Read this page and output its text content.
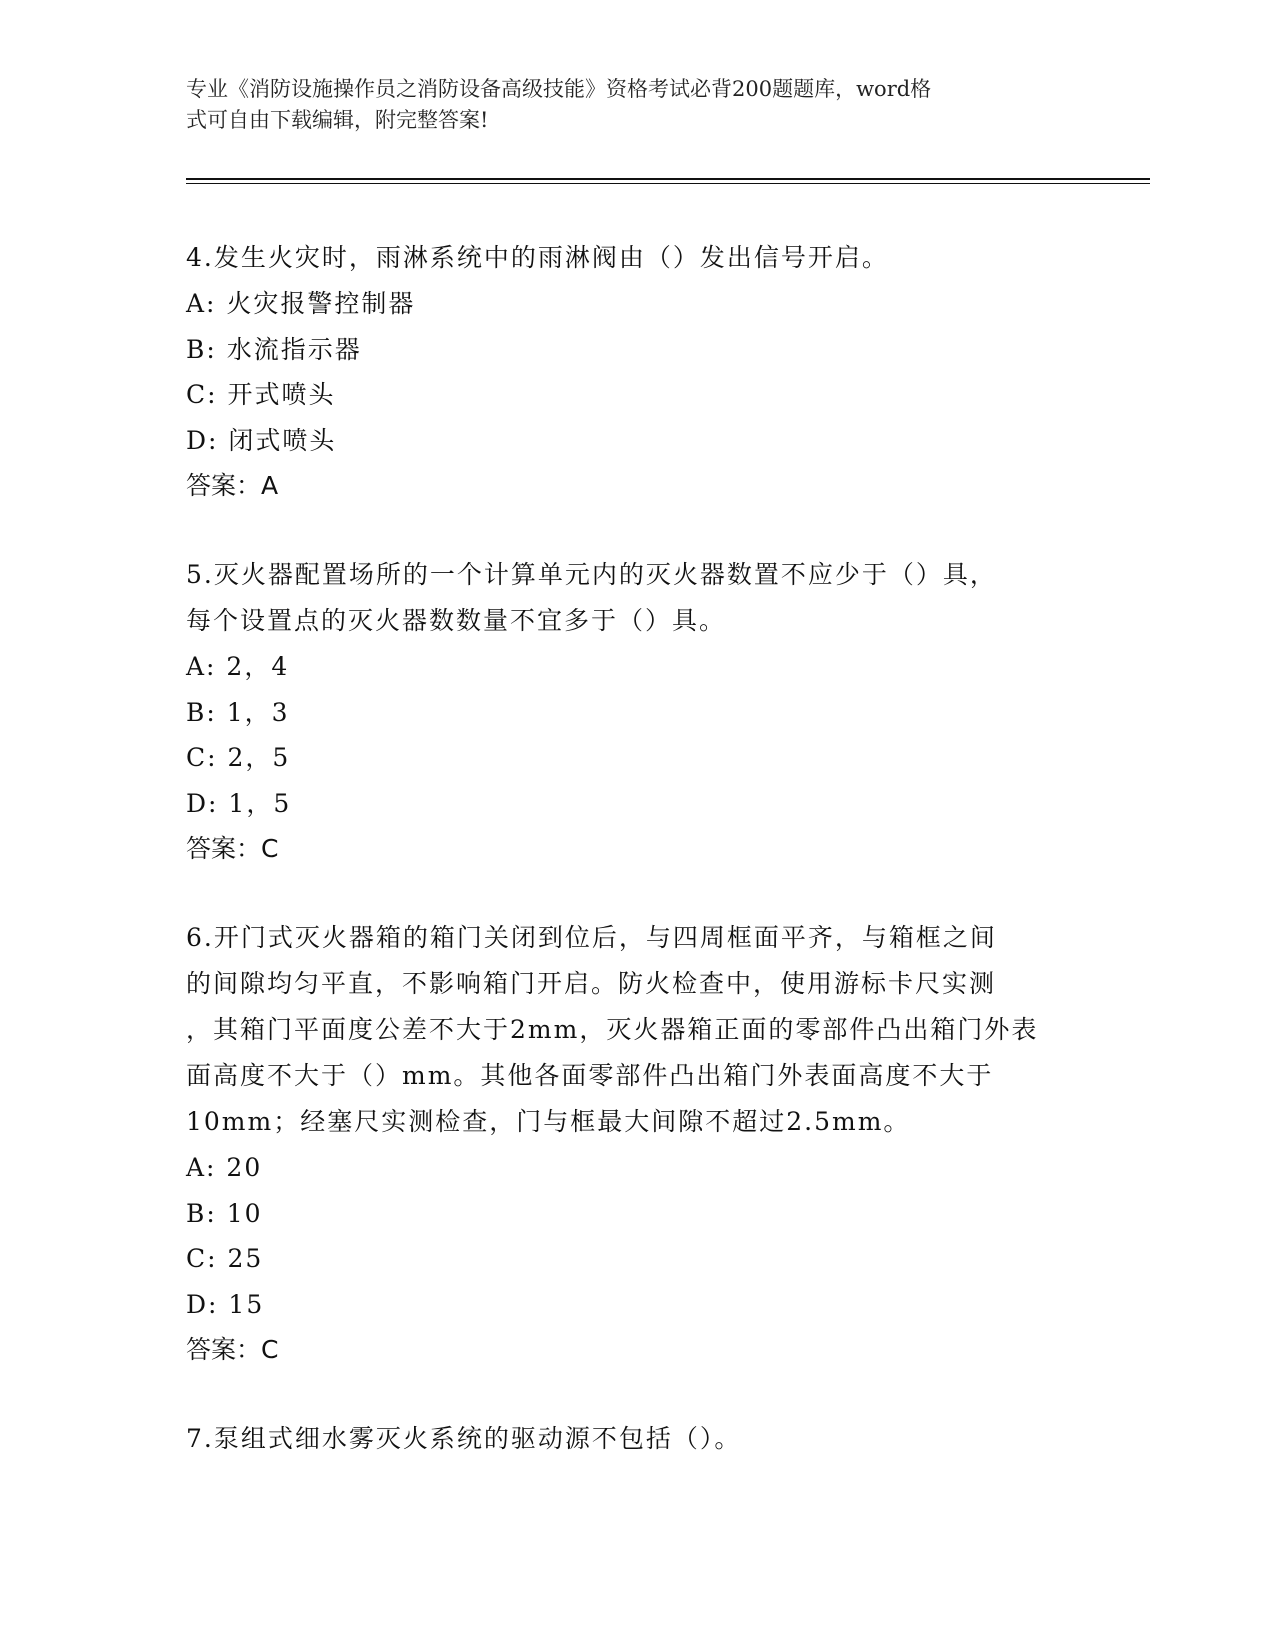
专业《消防设施操作员之消防设备高级技能》资格考试必背200题题库，word格
式可自由下载编辑，附完整答案!
4.发生火灾时，雨淋系统中的雨淋阀由（）发出信号开启。
A: 火灾报警控制器
B: 水流指示器
C: 开式喷头
D: 闭式喷头
答案：A
5.灭火器配置场所的一个计算单元内的灭火器数置不应少于（）具，
每个设置点的灭火器数数量不宜多于（）具。
A: 2，4
B: 1，3
C: 2，5
D: 1，5
答案：C
6.开门式灭火器箱的箱门关闭到位后，与四周框面平齐，与箱框之间
的间隙均匀平直，不影响箱门开启。防火检查中，使用游标卡尺实测
，其箱门平面度公差不大于2mm，灭火器箱正面的零部件凸出箱门外表
面高度不大于（）mm。其他各面零部件凸出箱门外表面高度不大于
10mm；经塞尺实测检查，门与框最大间隙不超过2.5mm。
A: 20
B: 10
C: 25
D: 15
答案：C
7.泵组式细水雾灭火系统的驱动源不包括（）。
